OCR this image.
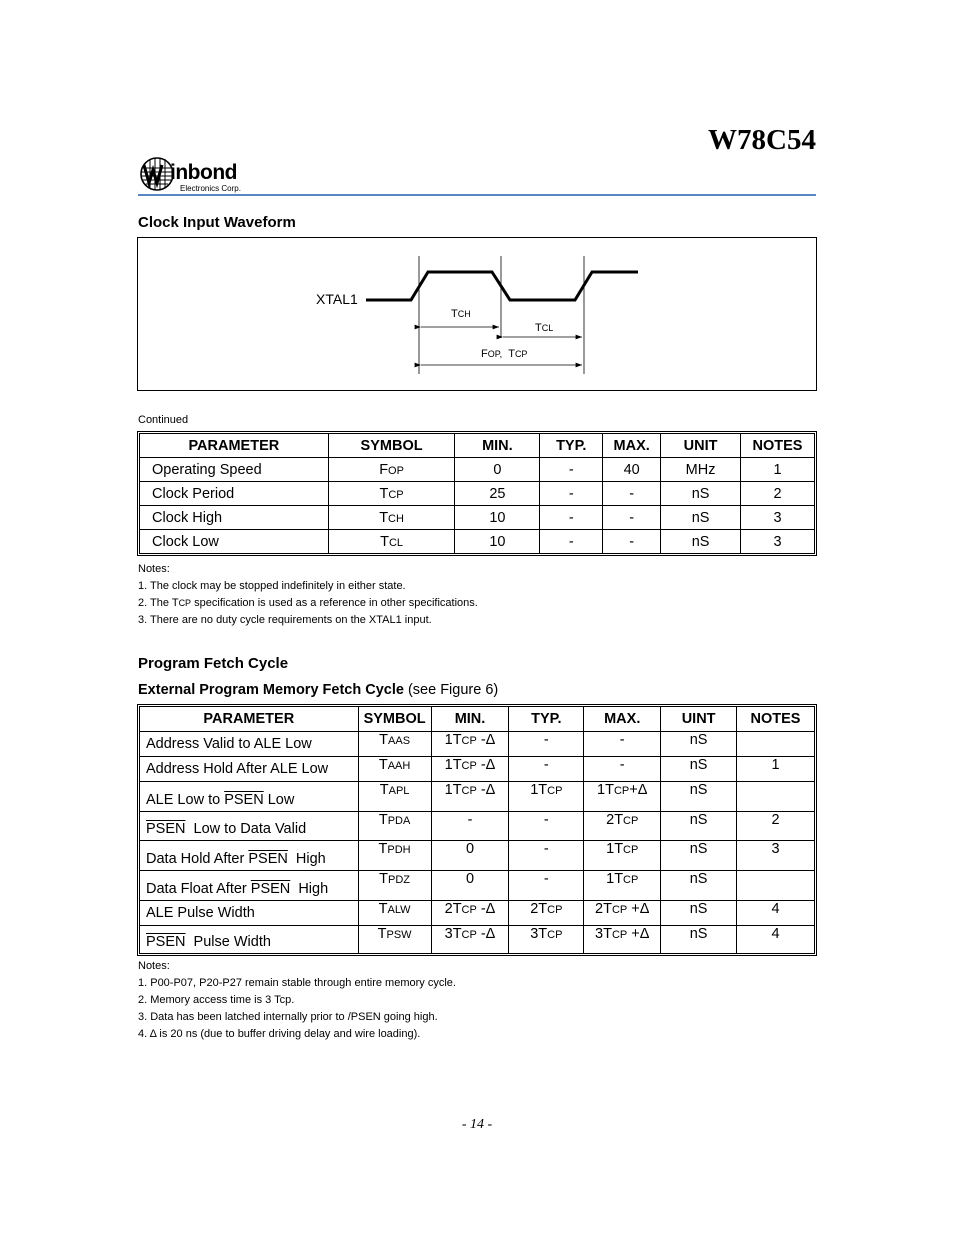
W78C54
inbond
Electronics Corp.
Clock Input Waveform
XTAL1
TCH
TCL
FOP, TCP
Continued
PARAMETER	SYMBOL	MIN.	TYP.	MAX.	UNIT	NOTES
Operating Speed	FOP	0	-	40	MHz	1
Clock Period	TCP	25	-	-	nS	2
Clock High	TCH	10	-	-	nS	3
Clock Low	TCL	10	-	-	nS	3
Notes:
1. The clock may be stopped indefinitely in either state.
2. The TCP specification is used as a reference in other specifications.
3. There are no duty cycle requirements on the XTAL1 input.
Program Fetch Cycle
External Program Memory Fetch Cycle (see Figure 6)
PARAMETER	SYMBOL	MIN.	TYP.	MAX.	UINT	NOTES
Address Valid to ALE Low	TAAS	1TCP -Δ	-	-	nS	
Address Hold After ALE Low	TAAH	1TCP -Δ	-	-	nS	1
ALE Low to PSEN Low	TAPL	1TCP -Δ	1TCP	1TCP+Δ	nS	
PSEN  Low to Data Valid	TPDA	-	-	2TCP	nS	2
Data Hold After PSEN  High	TPDH	0	-	1TCP	nS	3
Data Float After PSEN  High	TPDZ	0	-	1TCP	nS	
ALE Pulse Width	TALW	2TCP -Δ	2TCP	2TCP +Δ	nS	4
PSEN  Pulse Width	TPSW	3TCP -Δ	3TCP	3TCP +Δ	nS	4
Notes:
1. P00-P07, P20-P27 remain stable through entire memory cycle.
2. Memory access time is 3 Tcp.
3. Data has been latched internally prior to /PSEN going high.
4. Δ is 20 ns (due to buffer driving delay and wire loading).
- 14 -
